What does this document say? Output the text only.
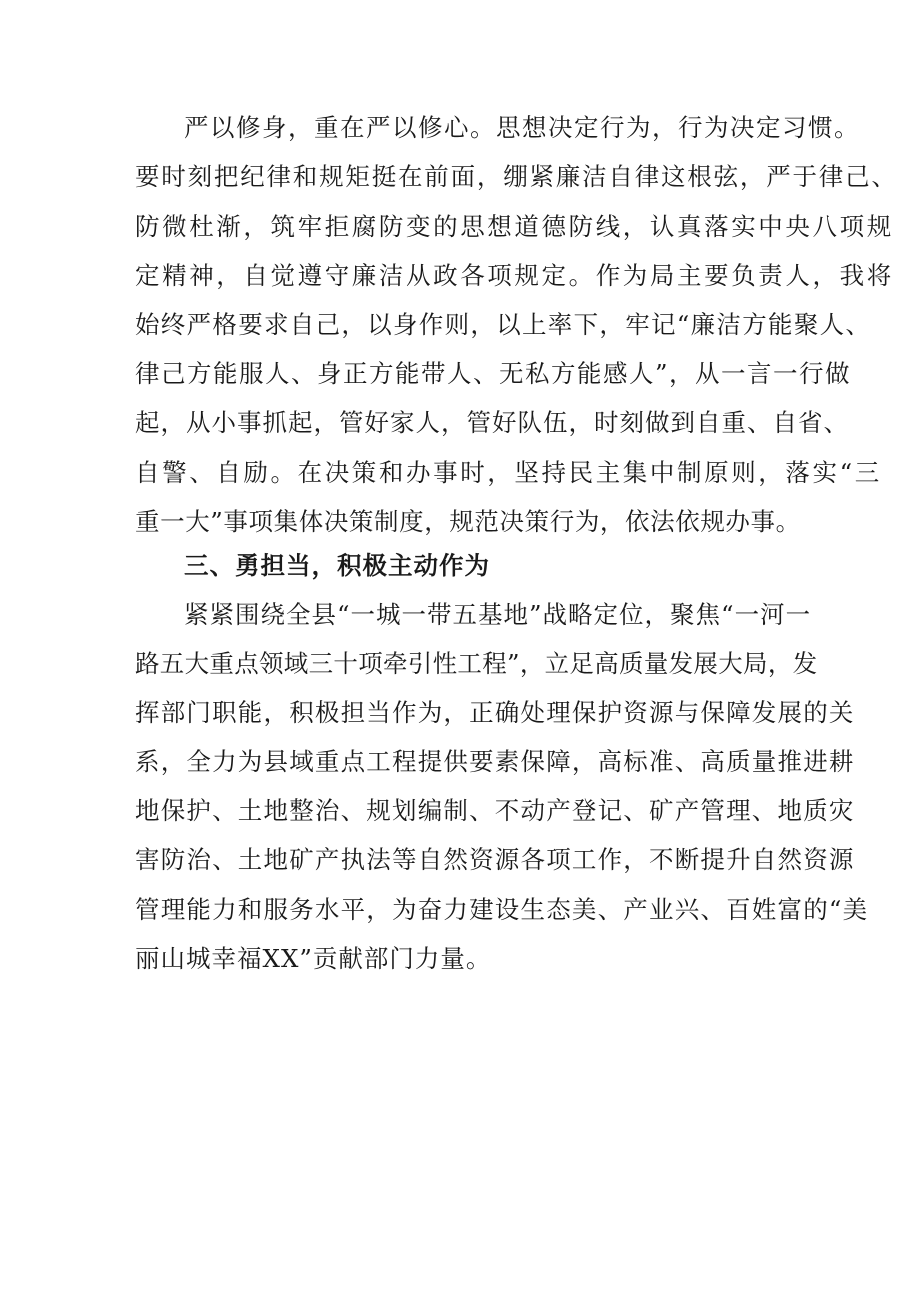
严以修身，重在严以修心。思想决定行为，行为决定习惯。
要时刻把纪律和规矩挺在前面，绷紧廉洁自律这根弦，严于律己、
防微杜渐，筑牢拒腐防变的思想道德防线，认真落实中央八项规
定精神，自觉遵守廉洁从政各项规定。作为局主要负责人，我将
始终严格要求自己，以身作则，以上率下，牢记“廉洁方能聚人、
律己方能服人、身正方能带人、无私方能感人”，从一言一行做
起，从小事抓起，管好家人，管好队伍，时刻做到自重、自省、
自警、自励。在决策和办事时，坚持民主集中制原则，落实“三
重一大”事项集体决策制度，规范决策行为，依法依规办事。
三、勇担当，积极主动作为
紧紧围绕全县“一城一带五基地”战略定位，聚焦“一河一
路五大重点领域三十项牵引性工程”，立足高质量发展大局，发
挥部门职能，积极担当作为，正确处理保护资源与保障发展的关
系，全力为县域重点工程提供要素保障，高标准、高质量推进耕
地保护、土地整治、规划编制、不动产登记、矿产管理、地质灾
害防治、土地矿产执法等自然资源各项工作，不断提升自然资源
管理能力和服务水平，为奋力建设生态美、产业兴、百姓富的“美
丽山城幸福XX”贡献部门力量。
